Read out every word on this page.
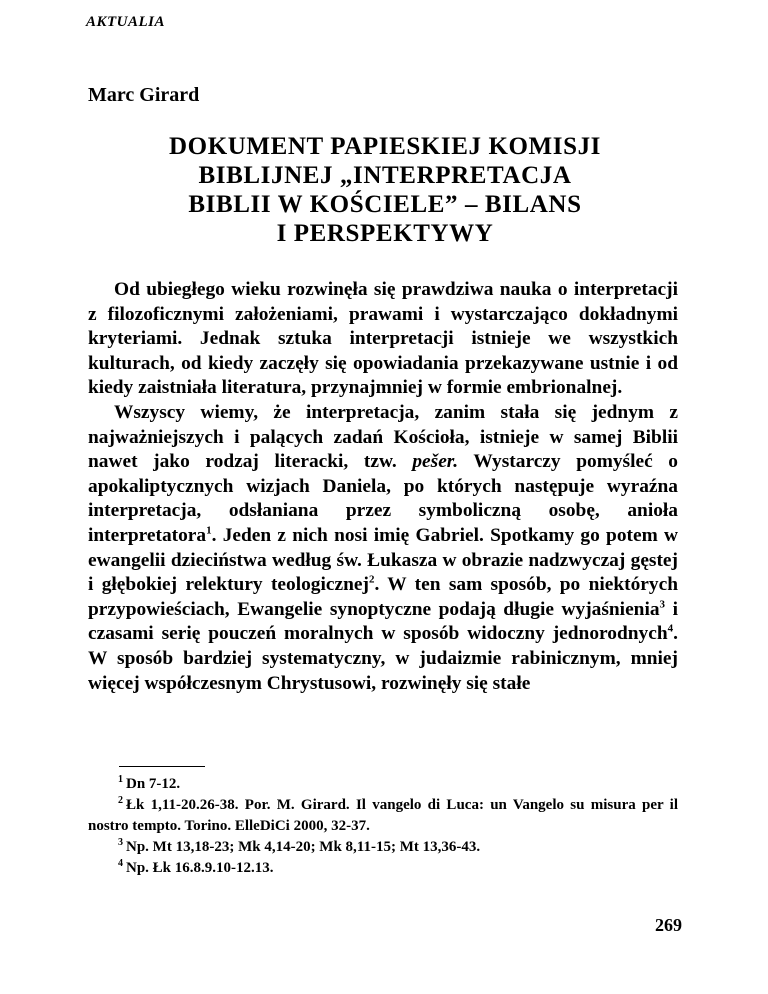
AKTUALIA
Marc Girard
DOKUMENT PAPIESKIEJ KOMISJI
BIBLIJNEJ „INTERPRETACJA
BIBLII W KOŚCIELE” – BILANS
I PERSPEKTYWY

Od ubiegłego wieku rozwinęła się prawdziwa nauka o interpretacji z filozoficznymi założeniami, prawami i wystarczająco dokładnymi kryteriami. Jednak sztuka interpretacji istnieje we wszystkich kulturach, od kiedy zaczęły się opowiadania przekazywane ustnie i od kiedy zaistniała literatura, przynajmniej w formie embrionalnej.

Wszyscy wiemy, że interpretacja, zanim stała się jednym z najważniejszych i palących zadań Kościoła, istnieje w samej Biblii nawet jako rodzaj literacki, tzw. pešer. Wystarczy pomyśleć o apokaliptycznych wizjach Daniela, po których następuje wyraźna interpretacja, odsłaniana przez symboliczną osobę, anioła interpretatora$^1$. Jeden z nich nosi imię Gabriel. Spotkamy go potem w ewangelii dzieciństwa według św. Łukasza w obrazie nadzwyczaj gęstej i głębokiej relektury teologicznej$^2$. W ten sam sposób, po niektórych przypowieściach, Ewangelie synoptyczne podają długie wyjaśnienia$^3$ i czasami serię pouczeń moralnych w sposób widoczny jednorodnych$^4$. W sposób bardziej systematyczny, w judaizmie rabinicznym, mniej więcej współczesnym Chrystusowi, rozwinęły się stałe

$^1$ Dn 7-12.

$^2$ Łk 1,11-20.26-38. Por. M. Girard. Il vangelo di Luca: un Vangelo su misura per il nostro tempto. Torino. ElleDiCi 2000, 32-37.

$^3$ Np. Mt 13,18-23; Mk 4,14-20; Mk 8,11-15; Mt 13,36-43.

$^4$ Np. Łk 16.8.9.10-12.13.

269
